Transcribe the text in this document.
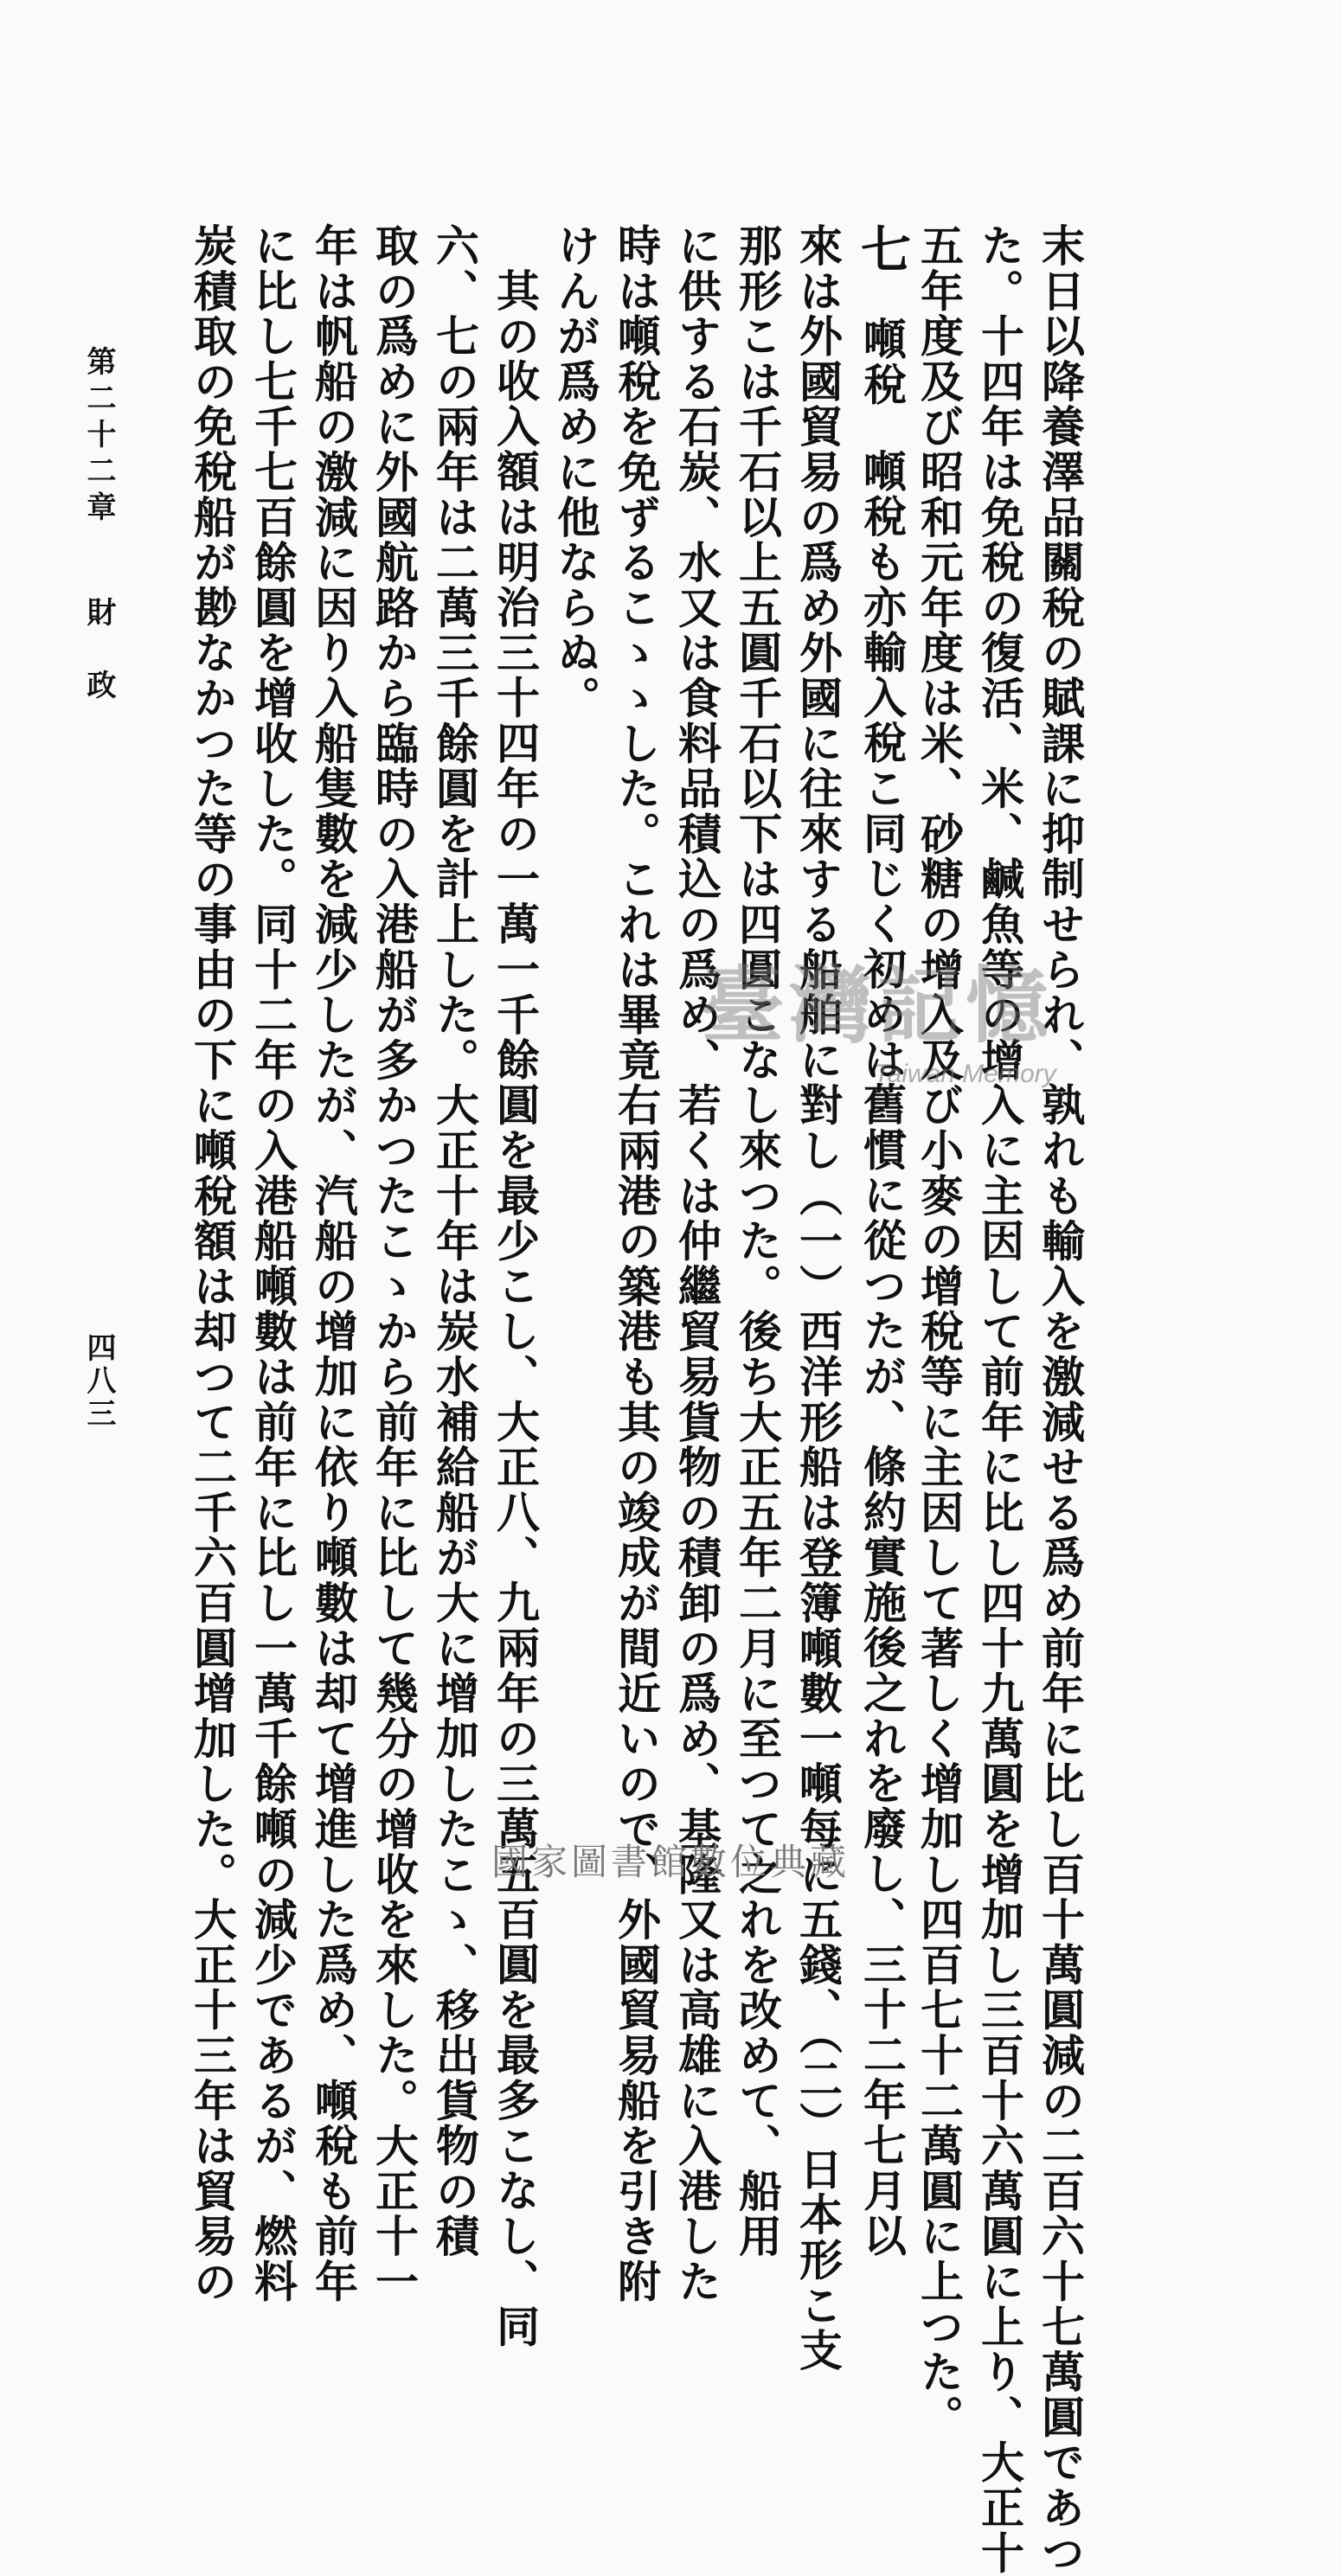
末日以降養澤品關稅の賦課に抑制せられ、孰れも輸入を激減せる爲め前年に比し百十萬圓減の二百六十七萬圓であつ
た。十四年は免稅の復活、米、鹹魚等の增入に主因して前年に比し四十九萬圓を增加し三百十六萬圓に上り、大正十
五年度及び昭和元年度は米、砂糖の增入及び小麥の增稅等に主因して著しく增加し四百七十二萬圓に上つた。
七噸稅噸稅も亦輸入稅こ同じく初めは舊慣に從つたが、條約實施後之れを廢し、三十二年七月以
來は外國貿易の爲め外國に往來する船舶に對し（一）西洋形船は登簿噸數一噸每に五錢、（二）日本形こ支
那形こは千石以上五圓千石以下は四圓こなし來つた。後ち大正五年二月に至つて之れを改めて、船用
に供する石炭、水又は食料品積込の爲め、若くは仲繼貿易貨物の積卸の爲め、基隆又は高雄に入港した
時は噸稅を免ずるこゝゝした。これは畢竟右兩港の築港も其の竣成が間近いので、外國貿易船を引き附
けんが爲めに他ならぬ。
其の收入額は明治三十四年の一萬一千餘圓を最少こし、大正八、九兩年の三萬五百圓を最多こなし、同
六、七の兩年は二萬三千餘圓を計上した。大正十年は炭水補給船が大に增加したこゝ、移出貨物の積
取の爲めに外國航路から臨時の入港船が多かつたこゝから前年に比して幾分の增收を來した。大正十一
年は帆船の激減に因り入船隻數を減少したが、汽船の增加に依り噸數は却て增進した爲め、噸稅も前年
に比し七千七百餘圓を增收した。同十二年の入港船噸數は前年に比し一萬千餘噸の減少であるが、燃料
炭積取の免稅船が尠なかつた等の事由の下に噸稅額は却つて二千六百圓增加した。大正十三年は貿易の
第二十二章
財　政
四八三
臺灣記憶
Taiwan Memory
國家圖書館數位典藏
